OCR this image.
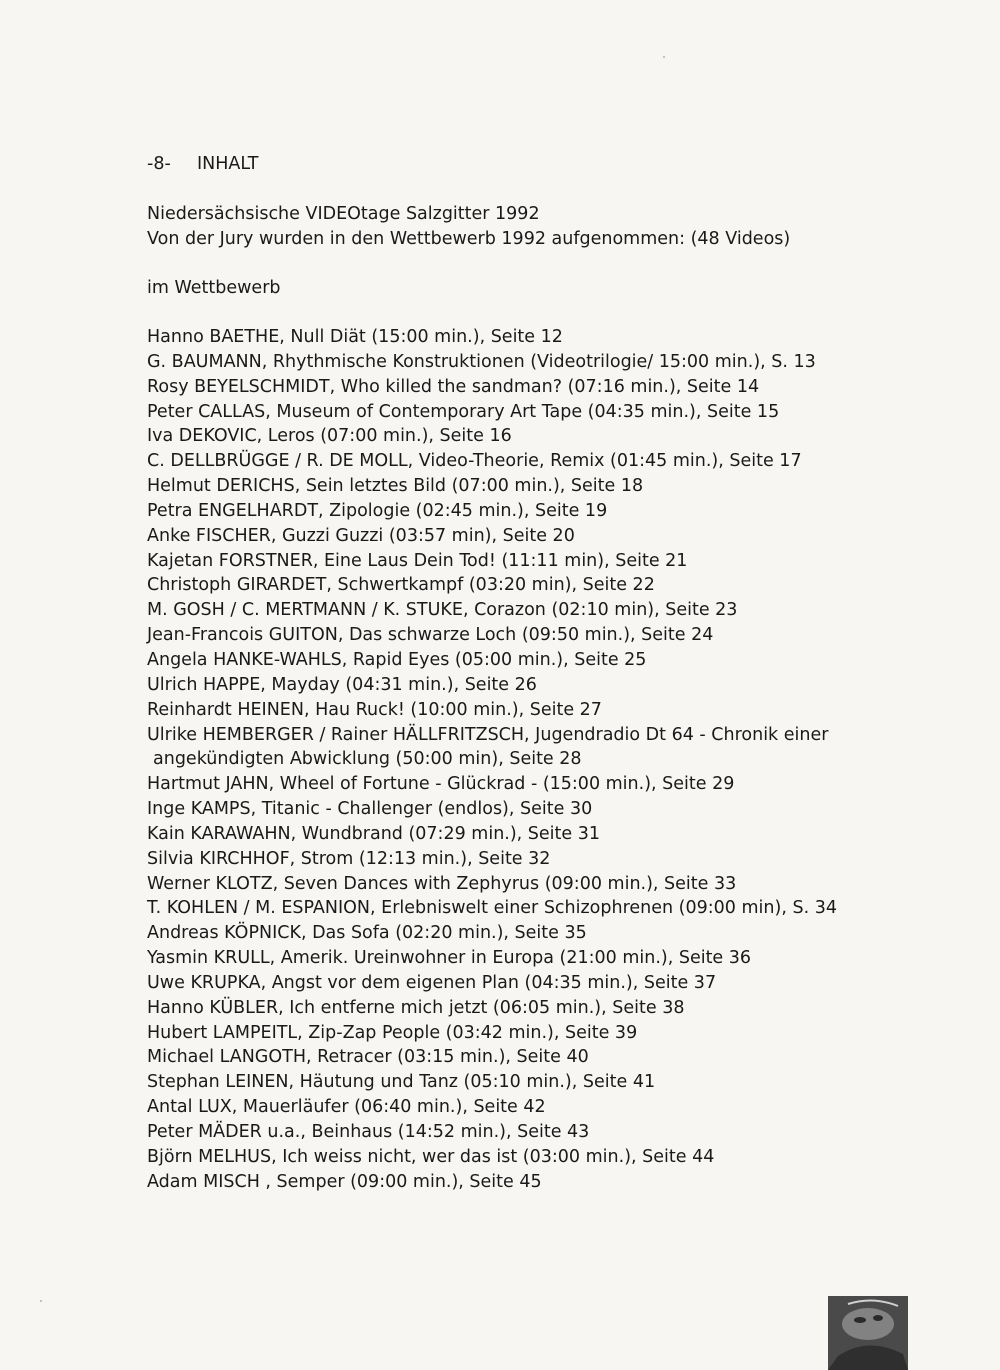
-8- INHALT
Niedersächsische VIDEOtage Salzgitter 1992
Von der Jury wurden in den Wettbewerb 1992 aufgenommen: (48 Videos)
im Wettbewerb
Hanno BAETHE, Null Diät (15:00 min.), Seite 12
G. BAUMANN, Rhythmische Konstruktionen (Videotrilogie/ 15:00 min.), S. 13
Rosy BEYELSCHMIDT, Who killed the sandman? (07:16 min.), Seite 14
Peter CALLAS, Museum of Contemporary Art Tape (04:35 min.), Seite 15
Iva DEKOVIC, Leros (07:00 min.), Seite 16
C. DELLBRÜGGE / R. DE MOLL, Video-Theorie, Remix (01:45 min.), Seite 17
Helmut DERICHS, Sein letztes Bild (07:00 min.), Seite 18
Petra ENGELHARDT, Zipologie (02:45 min.), Seite 19
Anke FISCHER, Guzzi Guzzi (03:57 min), Seite 20
Kajetan FORSTNER, Eine Laus Dein Tod! (11:11 min), Seite 21
Christoph GIRARDET, Schwertkampf (03:20 min), Seite 22
M. GOSH / C. MERTMANN / K. STUKE, Corazon (02:10 min), Seite 23
Jean-Francois GUITON, Das schwarze Loch (09:50 min.), Seite 24
Angela HANKE-WAHLS, Rapid Eyes (05:00 min.), Seite 25
Ulrich HAPPE, Mayday (04:31 min.), Seite 26
Reinhardt HEINEN, Hau Ruck! (10:00 min.), Seite 27
Ulrike HEMBERGER / Rainer HÄLLFRITZSCH, Jugendradio Dt 64 - Chronik einer
angekündigten Abwicklung (50:00 min), Seite 28
Hartmut JAHN, Wheel of Fortune - Glückrad - (15:00 min.), Seite 29
Inge KAMPS, Titanic - Challenger (endlos), Seite 30
Kain KARAWAHN, Wundbrand (07:29 min.), Seite 31
Silvia KIRCHHOF, Strom (12:13 min.), Seite 32
Werner KLOTZ, Seven Dances with Zephyrus (09:00 min.), Seite 33
T. KOHLEN / M. ESPANION, Erlebniswelt einer Schizophrenen (09:00 min), S. 34
Andreas KÖPNICK, Das Sofa (02:20 min.), Seite 35
Yasmin KRULL, Amerik. Ureinwohner in Europa (21:00 min.), Seite 36
Uwe KRUPKA, Angst vor dem eigenen Plan (04:35 min.), Seite 37
Hanno KÜBLER, Ich entferne mich jetzt (06:05 min.), Seite 38
Hubert LAMPEITL, Zip-Zap People (03:42 min.), Seite 39
Michael LANGOTH, Retracer (03:15 min.), Seite 40
Stephan LEINEN, Häutung und Tanz (05:10 min.), Seite 41
Antal LUX, Mauerläufer (06:40 min.), Seite 42
Peter MÄDER u.a., Beinhaus (14:52 min.), Seite 43
Björn MELHUS, Ich weiss nicht, wer das ist (03:00 min.), Seite 44
Adam MISCH , Semper (09:00 min.), Seite 45
